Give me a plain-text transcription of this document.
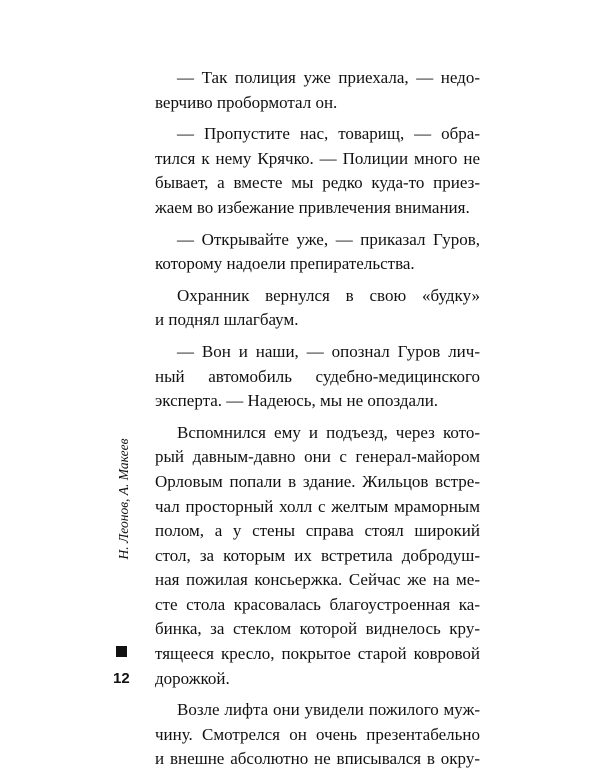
Н. Леонов, А. Макеев
12
— Так полиция уже приехала, — недо-
верчиво пробормотал он.
— Пропустите нас, товарищ, — обра-
тился к нему Крячко. — Полиции много не
бывает, а вместе мы редко куда-то приез-
жаем во избежание привлечения внимания.
— Открывайте уже, — приказал Гуров,
которому надоели препирательства.
Охранник вернулся в свою «будку»
и поднял шлагбаум.
— Вон и наши, — опознал Гуров лич-
ный автомобиль судебно-медицинского
эксперта. — Надеюсь, мы не опоздали.
Вспомнился ему и подъезд, через кото-
рый давным-давно они с генерал-майором
Орловым попали в здание. Жильцов встре-
чал просторный холл с желтым мраморным
полом, а у стены справа стоял широкий
стол, за которым их встретила добродуш-
ная пожилая консьержка. Сейчас же на ме-
сте стола красовалась благоустроенная ка-
бинка, за стеклом которой виднелось кру-
тящееся кресло, покрытое старой ковровой
дорожкой.
Возле лифта они увидели пожилого муж-
чину. Смотрелся он очень презентабельно
и внешне абсолютно не вписывался в окру-
